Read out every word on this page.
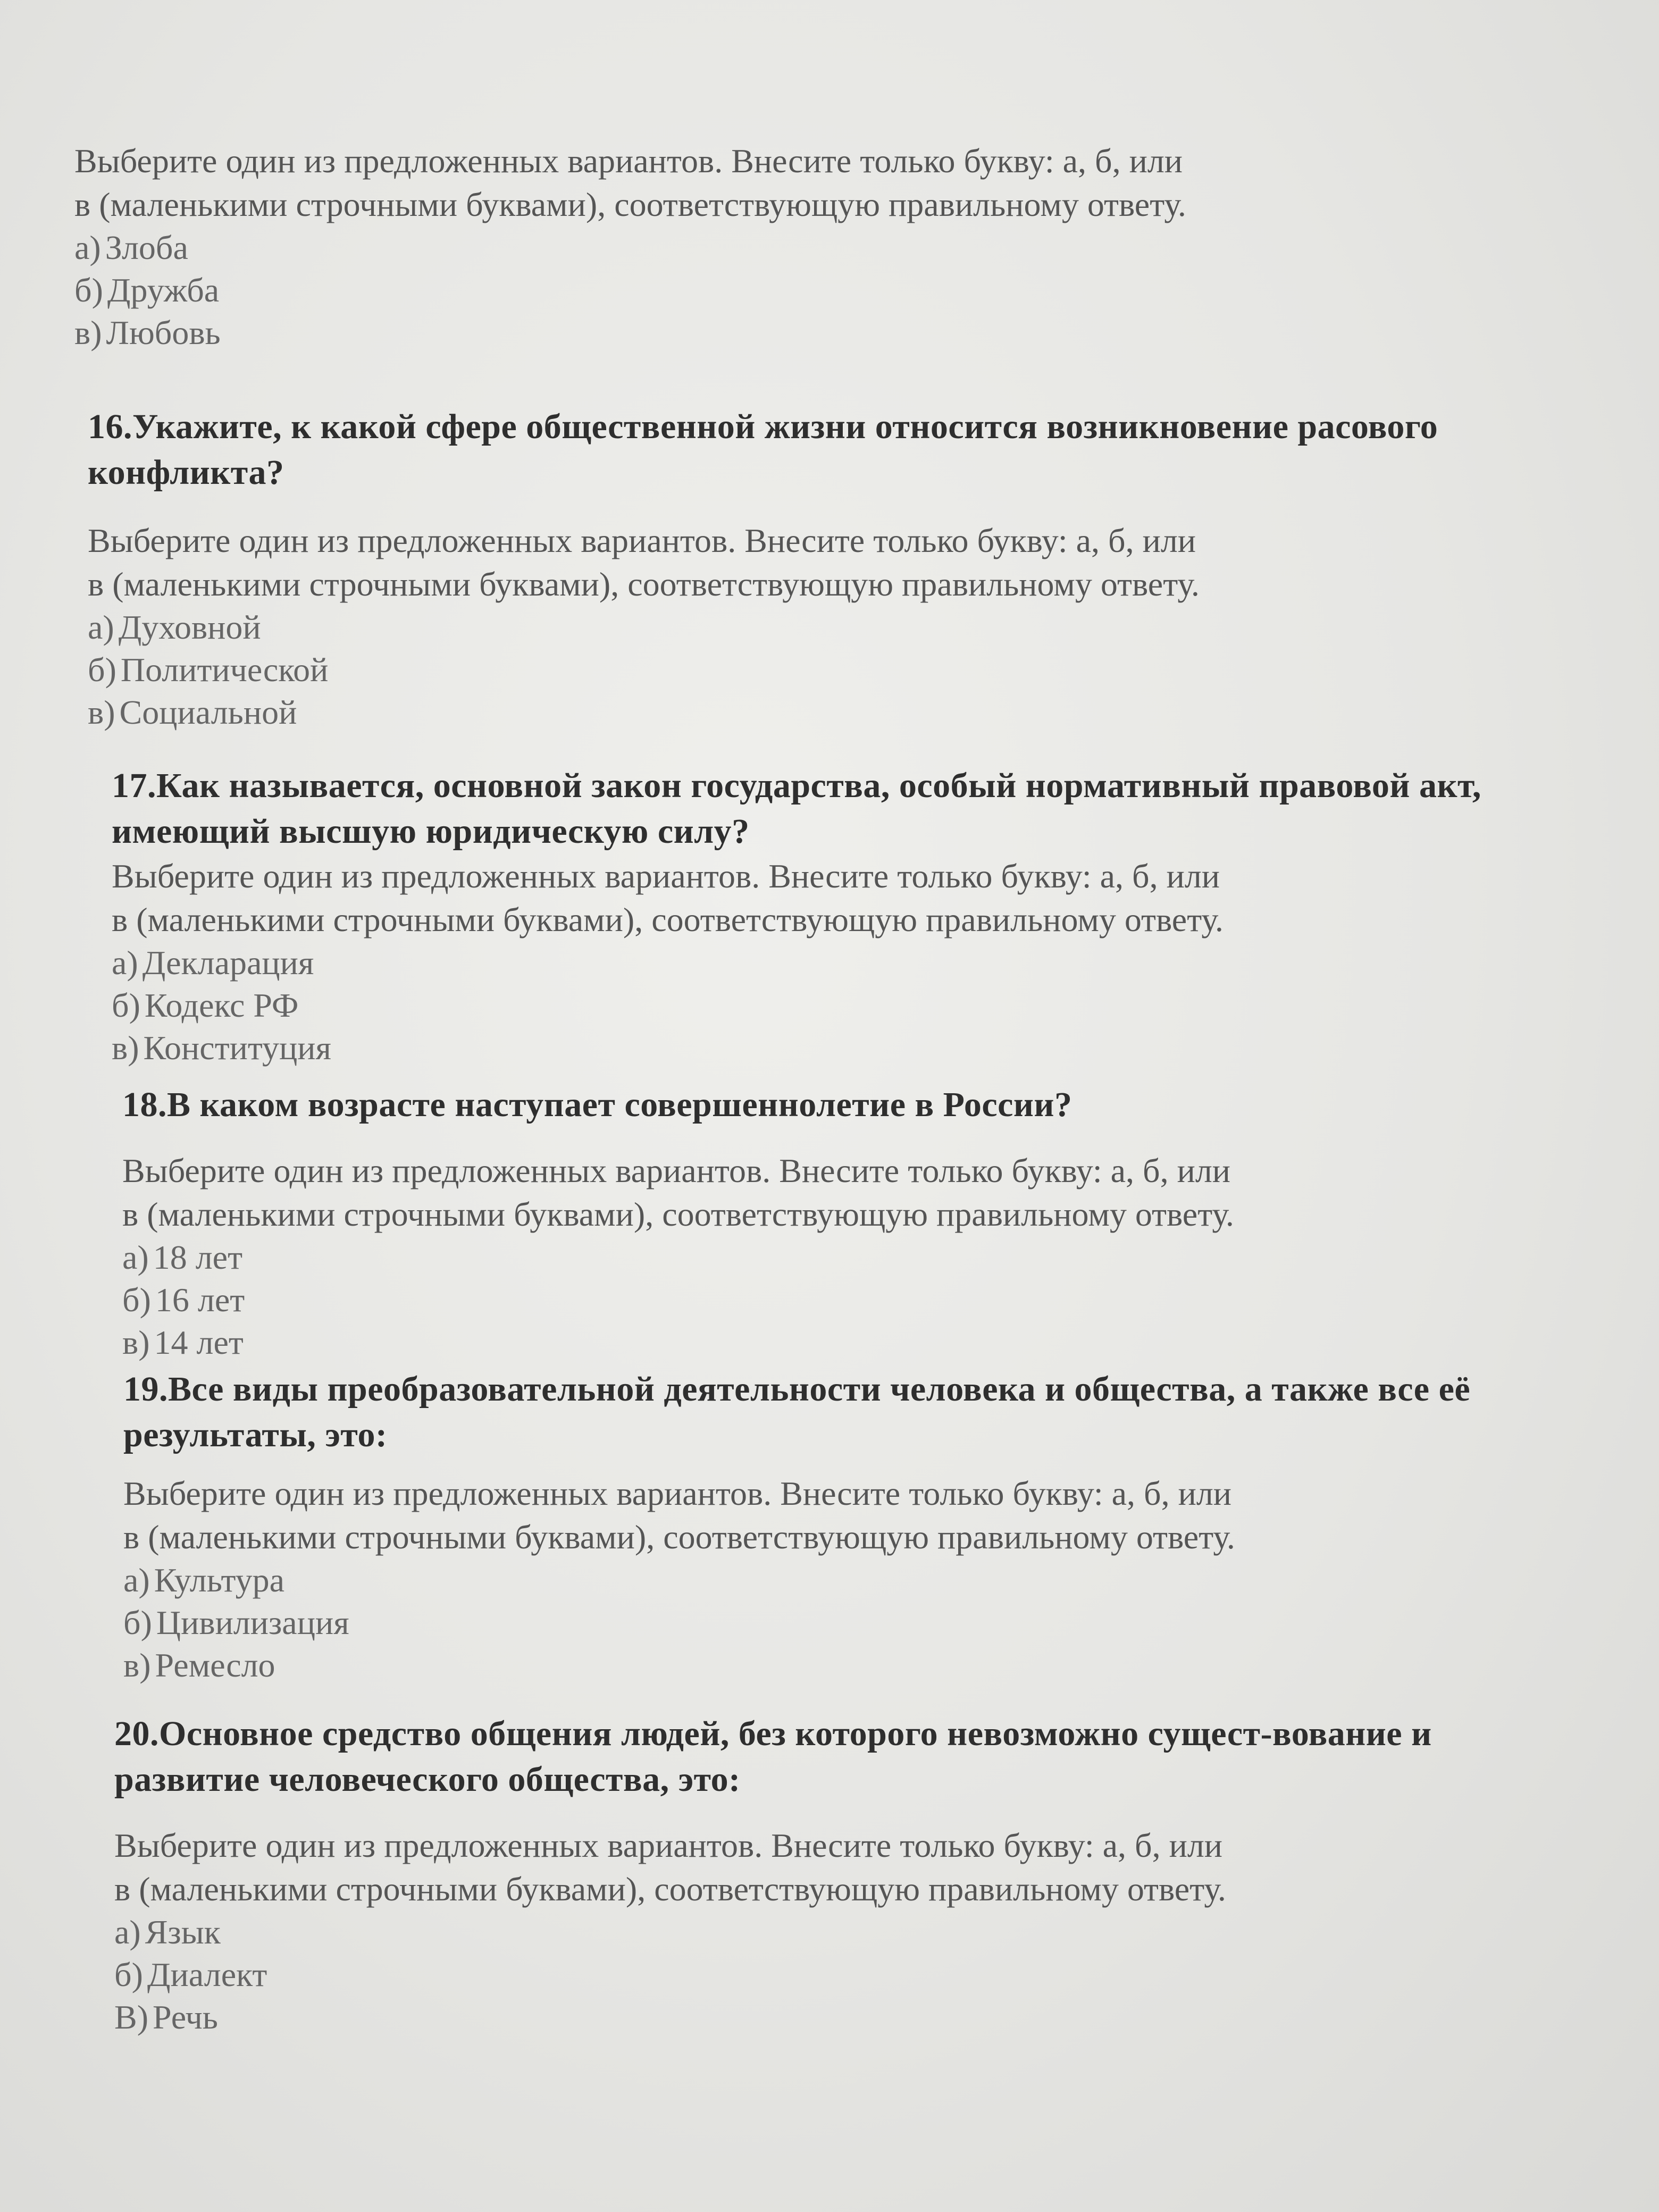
Выберите один из предложенных вариантов. Внесите только букву: а, б, или
в (маленькими строчными буквами), соответствующую правильному ответу.
а) Злоба
б) Дружба
в) Любовь
16.Укажите, к какой сфере общественной жизни относится возникновение расового
конфликта?
Выберите один из предложенных вариантов. Внесите только букву: а, б, или
в (маленькими строчными буквами), соответствующую правильному ответу.
а) Духовной
б) Политической
в) Социальной
17.Как называется, основной закон государства, особый нормативный правовой акт,
имеющий высшую юридическую силу?
Выберите один из предложенных вариантов. Внесите только букву: а, б, или
в (маленькими строчными буквами), соответствующую правильному ответу.
а) Декларация
б) Кодекс РФ
в) Конституция
18.В каком возрасте наступает совершеннолетие в России?
Выберите один из предложенных вариантов. Внесите только букву: а, б, или
в (маленькими строчными буквами), соответствующую правильному ответу.
а) 18 лет
б) 16 лет
в) 14 лет
19.Все виды преобразовательной деятельности человека и общества, а также все её
результаты, это:
Выберите один из предложенных вариантов. Внесите только букву: а, б, или
в (маленькими строчными буквами), соответствующую правильному ответу.
а) Культура
б) Цивилизация
в) Ремесло
20.Основное средство общения людей, без которого невозможно сущест-вование и
развитие человеческого общества, это:
Выберите один из предложенных вариантов. Внесите только букву: а, б, или
в (маленькими строчными буквами), соответствующую правильному ответу.
а) Язык
б) Диалект
В) Речь
